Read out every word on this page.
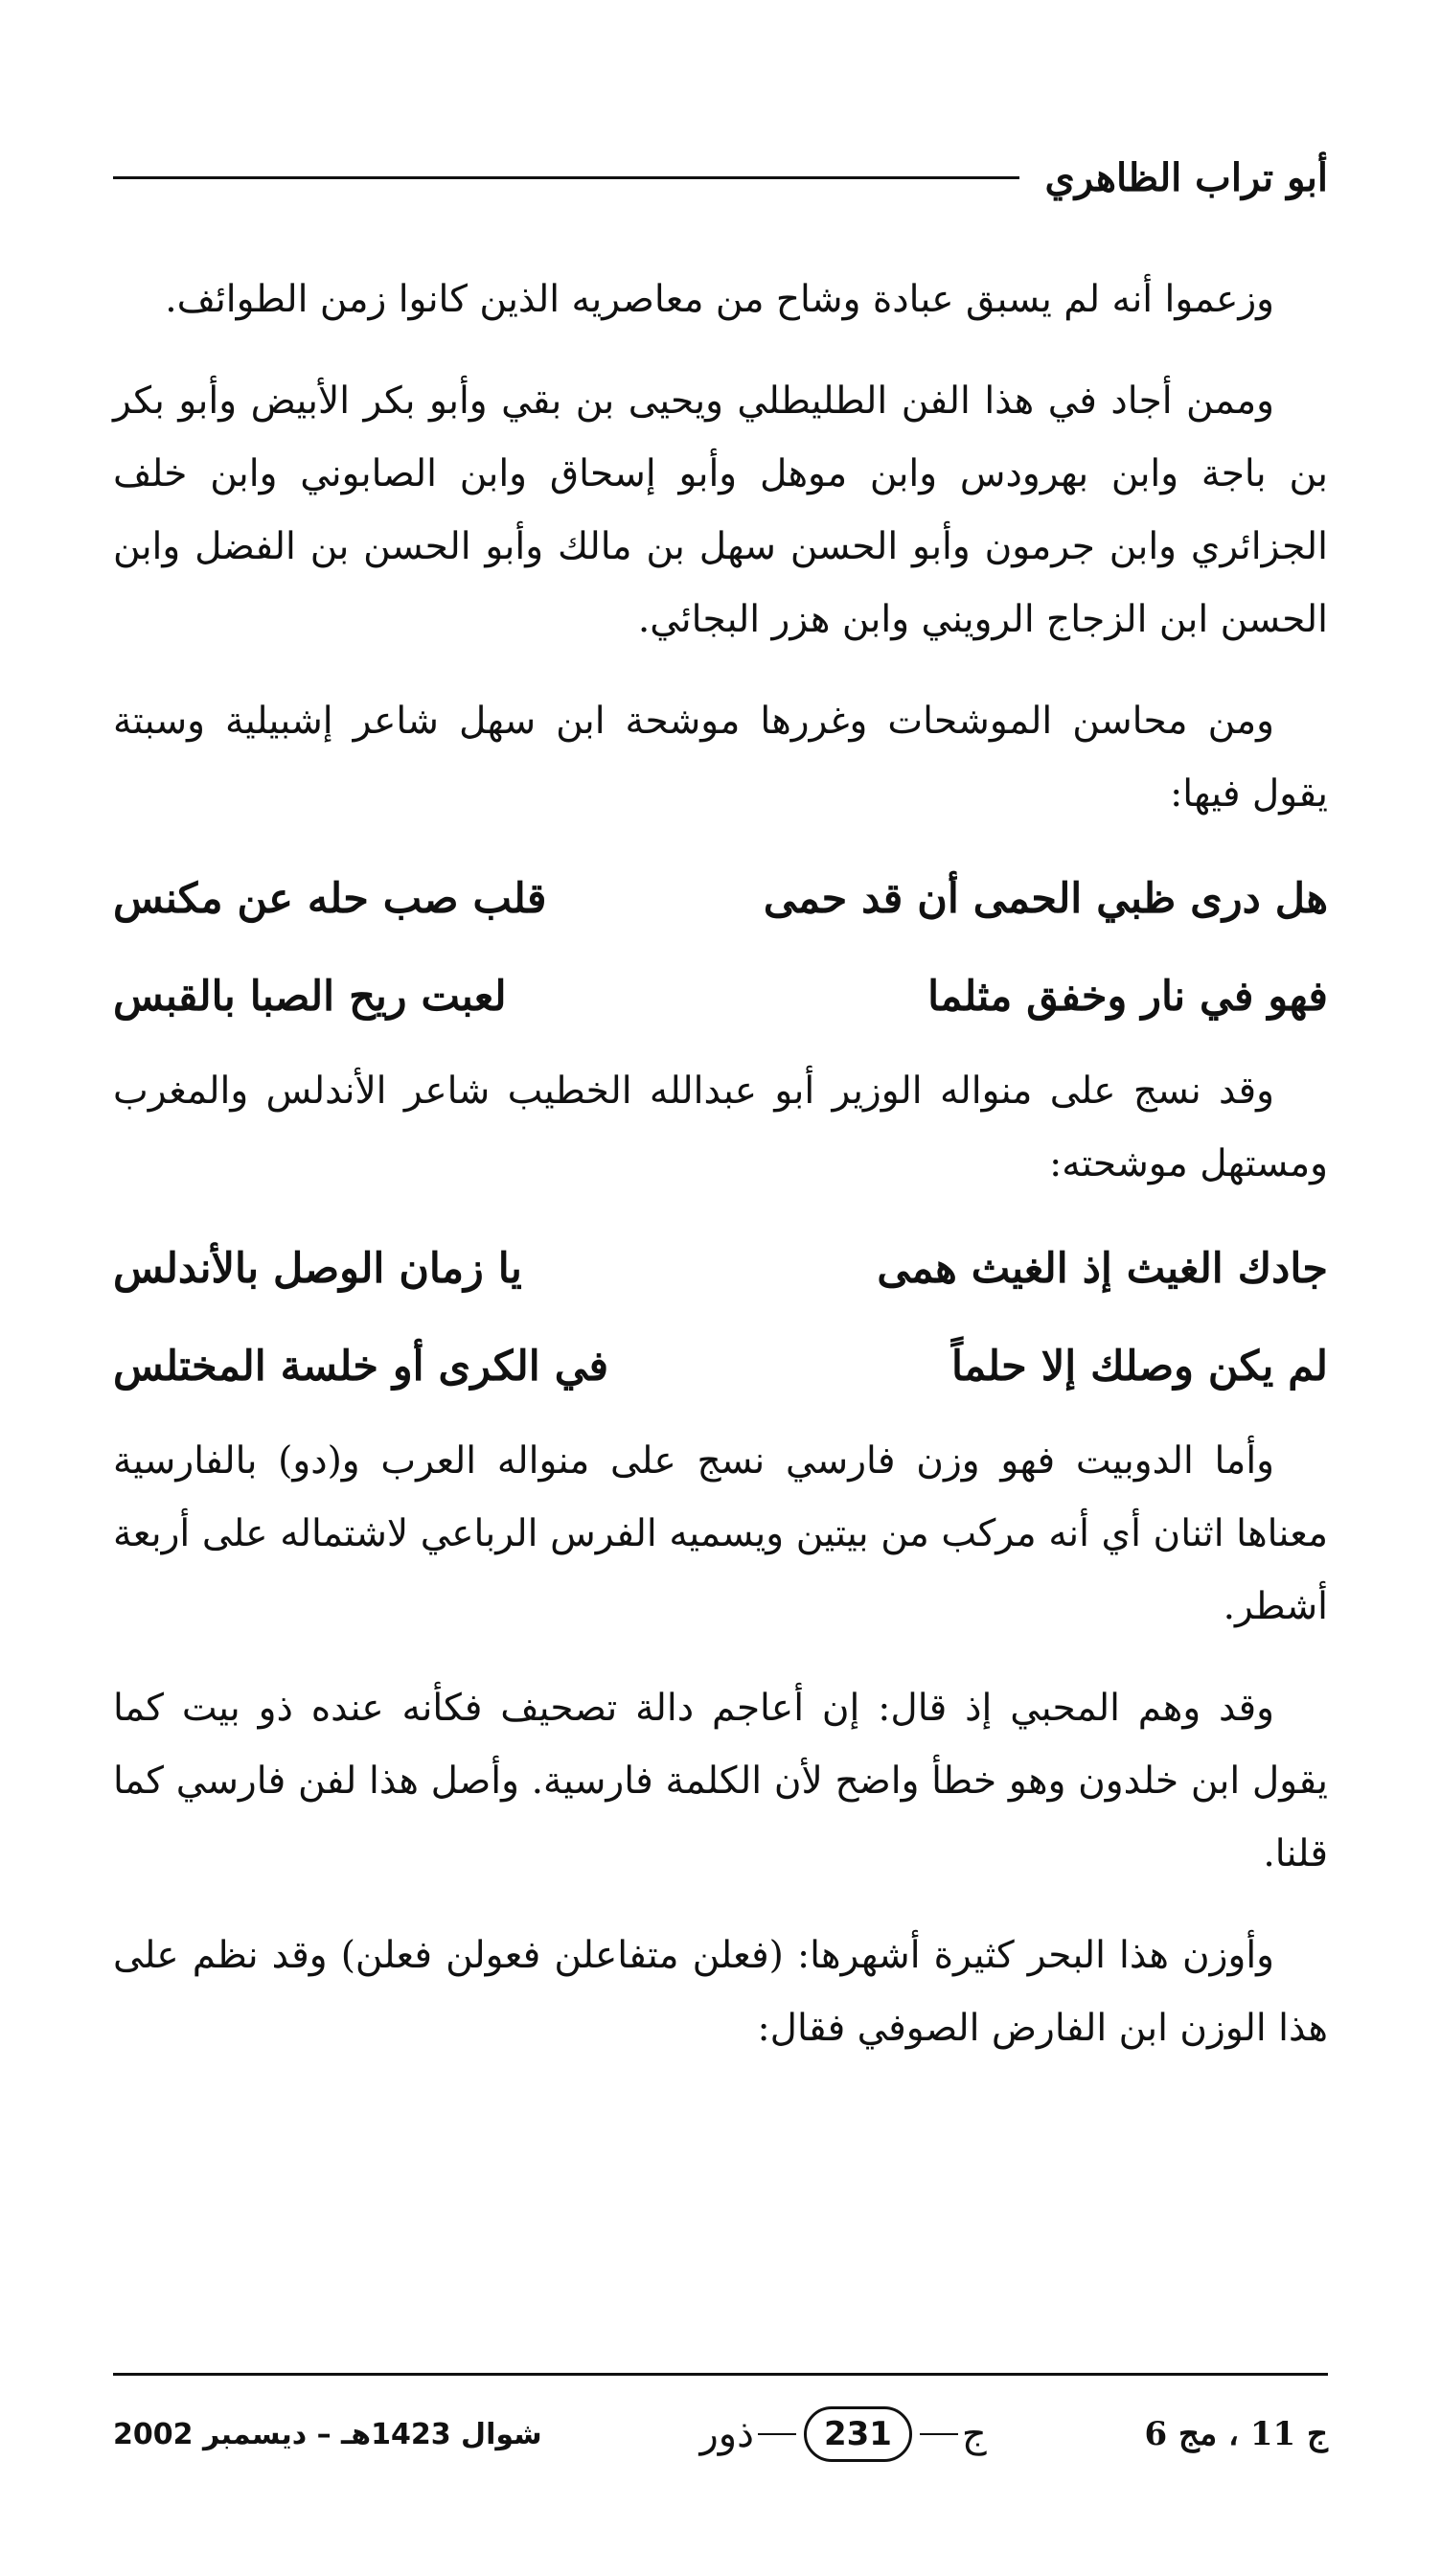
أبو تراب الظاهري

وزعموا أنه لم يسبق عبادة وشاح من معاصريه الذين كانوا زمن الطوائف.

وممن أجاد في هذا الفن الطليطلي ويحيى بن بقي وأبو بكر الأبيض وأبو بكر بن باجة وابن بهرودس وابن موهل وأبو إسحاق وابن الصابوني وابن خلف الجزائري وابن جرمون وأبو الحسن سهل بن مالك وأبو الحسن بن الفضل وابن الحسن ابن الزجاج الرويني وابن هزر البجائي.

ومن محاسن الموشحات وغررها موشحة ابن سهل شاعر إشبيلية وسبتة يقول فيها:

هل درى ظبي الحمى أن قد حمى
قلب صب حله عن مكنس
فهو في نار وخفق مثلما
لعبت ريح الصبا بالقبس

وقد نسج على منواله الوزير أبو عبدالله الخطيب شاعر الأندلس والمغرب ومستهل موشحته:

جادك الغيث إذ الغيث همى
يا زمان الوصل بالأندلس
لم يكن وصلك إلا حلماً
في الكرى أو خلسة المختلس

وأما الدوبيت فهو وزن فارسي نسج على منواله العرب و(دو) بالفارسية معناها اثنان أي أنه مركب من بيتين ويسميه الفرس الرباعي لاشتماله على أربعة أشطر.

وقد وهم المحبي إذ قال: إن أعاجم دالة تصحيف فكأنه عنده ذو بيت كما يقول ابن خلدون وهو خطأ واضح لأن الكلمة فارسية. وأصل هذا لفن فارسي كما قلنا.

وأوزن هذا البحر كثيرة أشهرها: (فعلن متفاعلن فعولن فعلن) وقد نظم على هذا الوزن ابن الفارض الصوفي فقال:

ج 11 ، مج 6
ج
231
ذور
شوال 1423هـ – ديسمبر 2002
